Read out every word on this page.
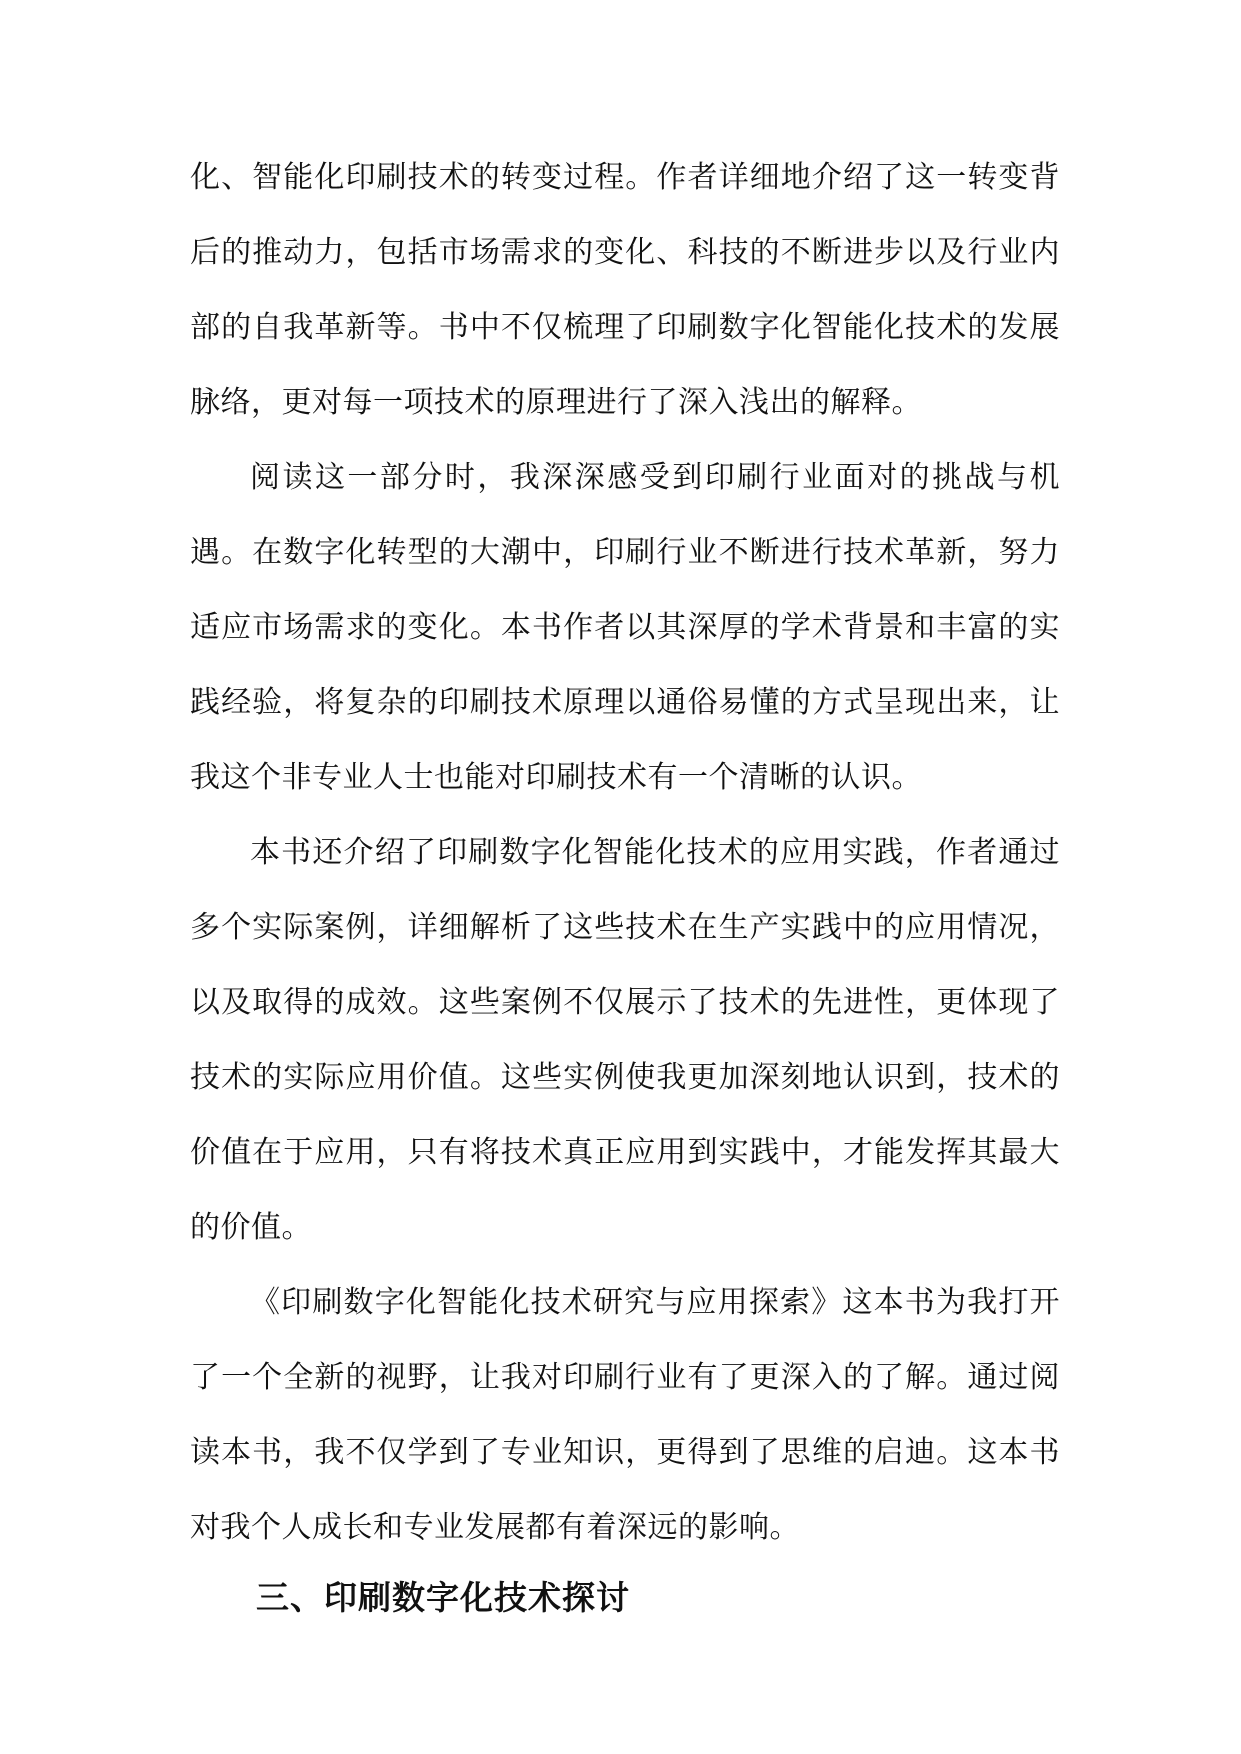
化、智能化印刷技术的转变过程。作者详细地介绍了这一转变背后的推动力，包括市场需求的变化、科技的不断进步以及行业内部的自我革新等。书中不仅梳理了印刷数字化智能化技术的发展脉络，更对每一项技术的原理进行了深入浅出的解释。

阅读这一部分时，我深深感受到印刷行业面对的挑战与机遇。在数字化转型的大潮中，印刷行业不断进行技术革新，努力适应市场需求的变化。本书作者以其深厚的学术背景和丰富的实践经验，将复杂的印刷技术原理以通俗易懂的方式呈现出来，让我这个非专业人士也能对印刷技术有一个清晰的认识。

本书还介绍了印刷数字化智能化技术的应用实践，作者通过多个实际案例，详细解析了这些技术在生产实践中的应用情况，以及取得的成效。这些案例不仅展示了技术的先进性，更体现了技术的实际应用价值。这些实例使我更加深刻地认识到，技术的价值在于应用，只有将技术真正应用到实践中，才能发挥其最大的价值。

《印刷数字化智能化技术研究与应用探索》这本书为我打开了一个全新的视野，让我对印刷行业有了更深入的了解。通过阅读本书，我不仅学到了专业知识，更得到了思维的启迪。这本书对我个人成长和专业发展都有着深远的影响。

三、印刷数字化技术探讨
